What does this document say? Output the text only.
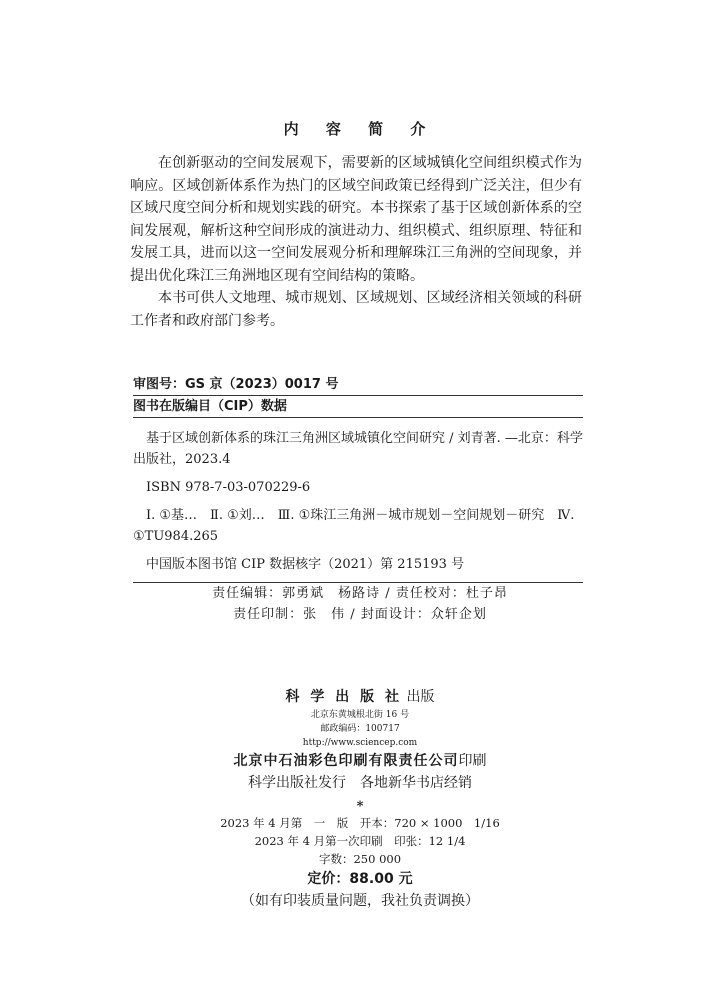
内 容 简 介

在创新驱动的空间发展观下，需要新的区域城镇化空间组织模式作为响应。区域创新体系作为热门的区域空间政策已经得到广泛关注，但少有区域尺度空间分析和规划实践的研究。本书探索了基于区域创新体系的空间发展观，解析这种空间形成的演进动力、组织模式、组织原理、特征和发展工具，进而以这一空间发展观分析和理解珠江三角洲的空间现象，并提出优化珠江三角洲地区现有空间结构的策略。

本书可供人文地理、城市规划、区域规划、区域经济相关领域的科研工作者和政府部门参考。

审图号：GS 京（2023）0017 号
图书在版编目（CIP）数据

基于区域创新体系的珠江三角洲区域城镇化空间研究 / 刘青著. —北京：科学出版社，2023.4

ISBN 978-7-03-070229-6

Ⅰ. ①基…　Ⅱ. ①刘…　Ⅲ. ①珠江三角洲－城市规划－空间规划－研究　Ⅳ. ①TU984.265

中国版本图书馆 CIP 数据核字（2021）第 215193 号

责任编辑：郭勇斌　杨路诗 / 责任校对：杜子昂
责任印制：张　伟 / 封面设计：众轩企划
科 学 出 版 社 出版
北京东黄城根北街 16 号
邮政编码：100717
http://www.sciencep.com
北京中石油彩色印刷有限责任公司印刷
科学出版社发行　各地新华书店经销
*
2023 年 4 月第　一　版　开本：720 × 1000　1/16
2023 年 4 月第一次印刷　印张：12 1/4
字数：250 000
定价：88.00 元
（如有印装质量问题，我社负责调换）
